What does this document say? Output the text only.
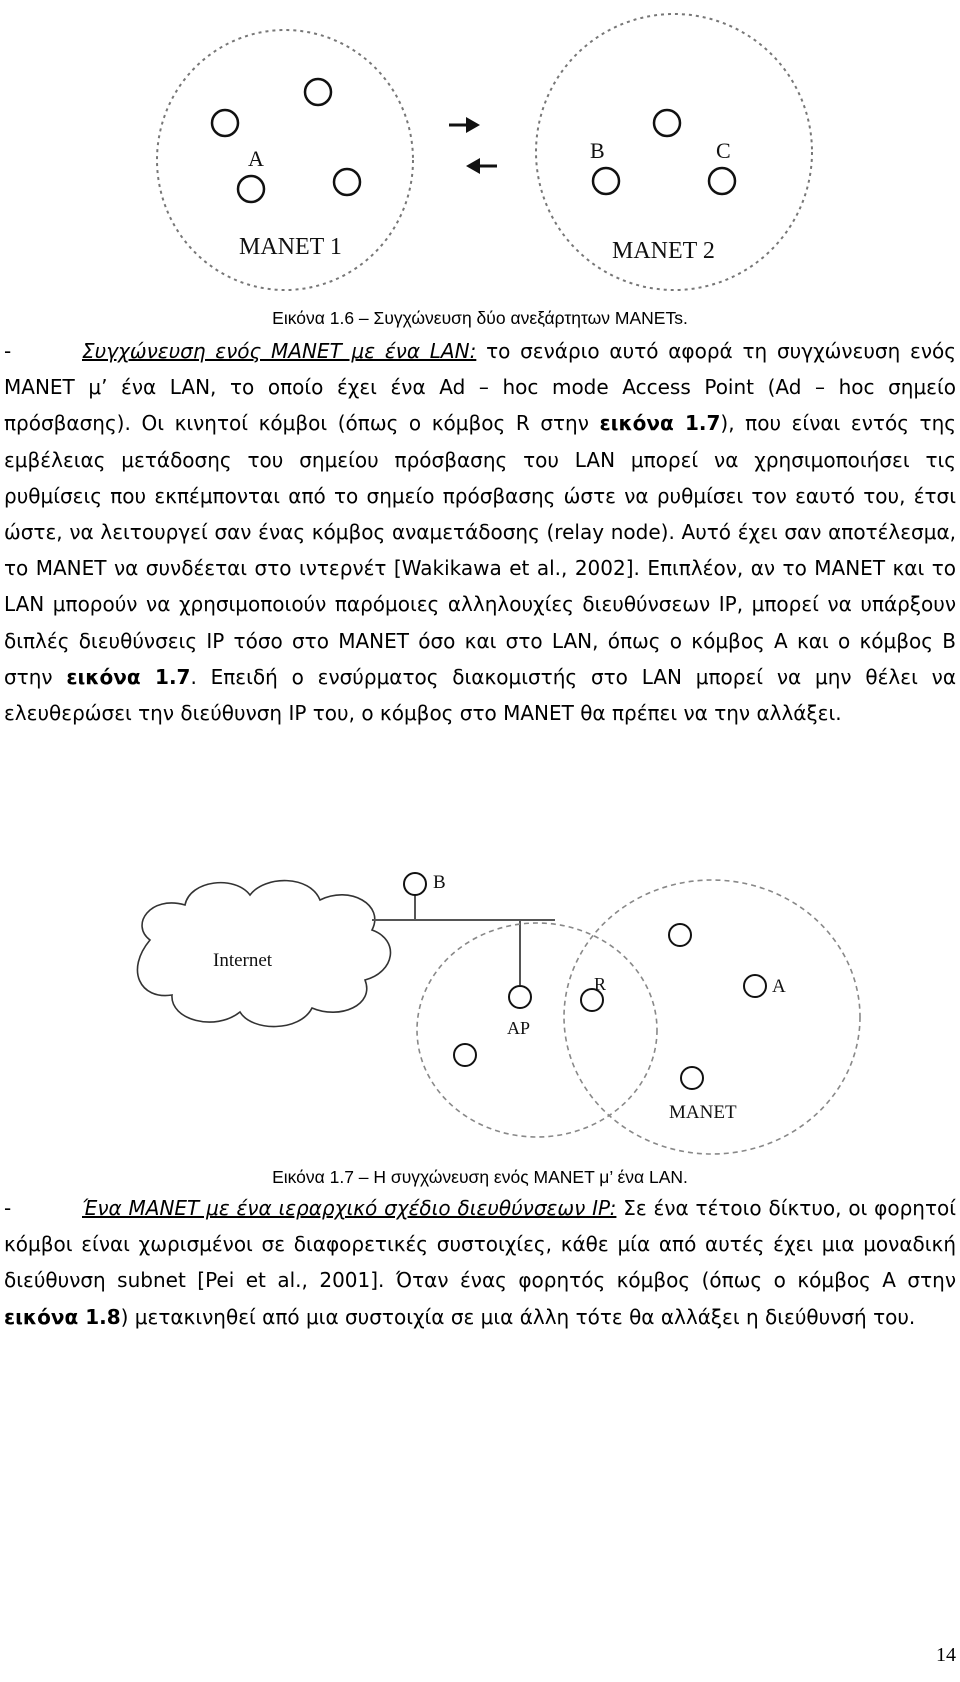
A	B	C
MANET 1	MANET 2
Εικόνα 1.6 – Συγχώνευση δύο ανεξάρτητων MANETs.

-	Συγχώνευση ενός MANET με ένα LAN: το σενάριο αυτό αφορά τη συγχώνευση ενός MANET μ’ ένα LAN, το οποίο έχει ένα Ad – hoc mode Access Point (Ad – hoc σημείο πρόσβασης). Οι κινητοί κόμβοι (όπως ο κόμβος R στην εικόνα 1.7), που είναι εντός της εμβέλειας μετάδοσης του σημείου πρόσβασης του LAN μπορεί να χρησιμοποιήσει τις ρυθμίσεις που εκπέμπονται από το σημείο πρόσβασης ώστε να ρυθμίσει τον εαυτό του, έτσι ώστε, να λειτουργεί σαν ένας κόμβος αναμετάδοσης (relay node). Αυτό έχει σαν αποτέλεσμα, το MANET να συνδέεται στο ιντερνέτ [Wakikawa et al., 2002]. Επιπλέον, αν το MANET και το LAN μπορούν να χρησιμοποιούν παρόμοιες αλληλουχίες διευθύνσεων IP, μπορεί να υπάρξουν διπλές διευθύνσεις IP τόσο στο MANET όσο και στο LAN, όπως ο κόμβος A και ο κόμβος B στην εικόνα 1.7. Επειδή ο ενσύρματος διακομιστής στο LAN μπορεί να μην θέλει να ελευθερώσει την διεύθυνση IP του, ο κόμβος στο MANET θα πρέπει να την αλλάξει.

Internet
B
AP
R	A
MANET
Εικόνα 1.7 – Η συγχώνευση ενός MANET μ’ ένα LAN.

-	Ένα MANET με ένα ιεραρχικό σχέδιο διευθύνσεων IP: Σε ένα τέτοιο δίκτυο, οι φορητοί κόμβοι είναι χωρισμένοι σε διαφορετικές συστοιχίες, κάθε μία από αυτές έχει μια μοναδική διεύθυνση subnet [Pei et al., 2001]. Όταν ένας φορητός κόμβος (όπως ο κόμβος A στην εικόνα 1.8) μετακινηθεί από μια συστοιχία σε μια άλλη τότε θα αλλάξει η διεύθυνσή του.

14
